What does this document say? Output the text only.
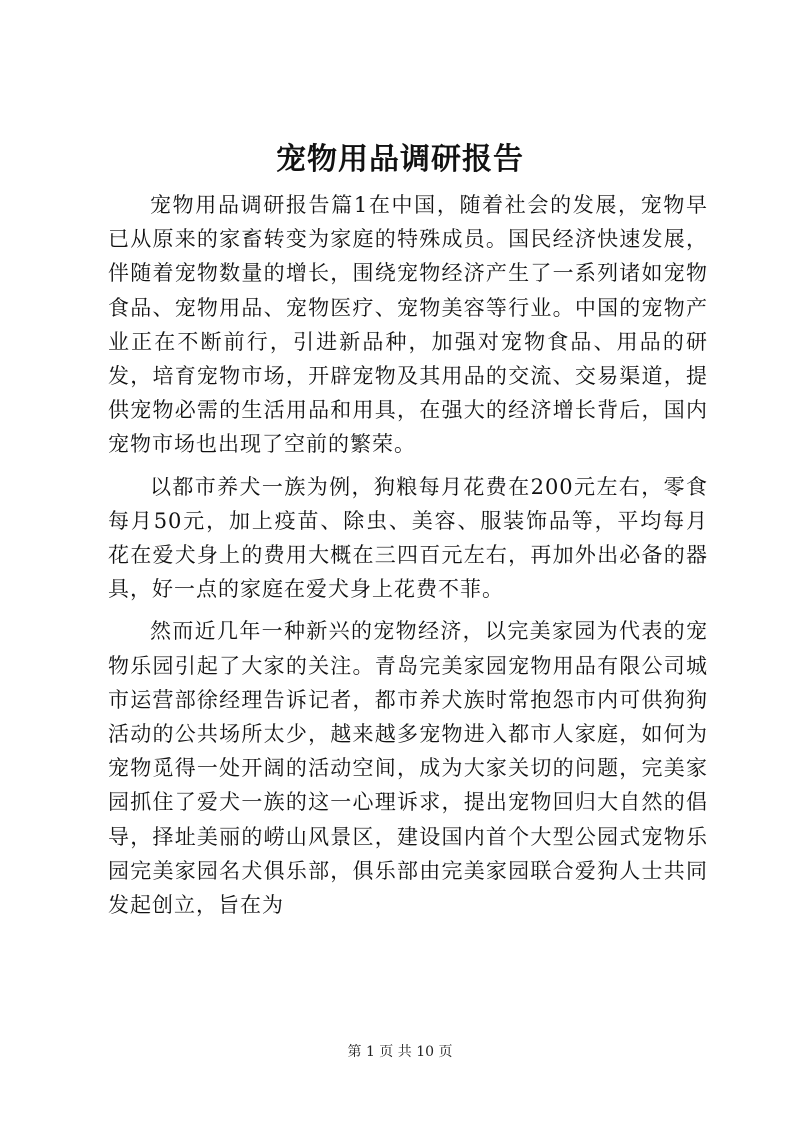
宠物用品调研报告

宠物用品调研报告篇1在中国，随着社会的发展，宠物早已从原来的家畜转变为家庭的特殊成员。国民经济快速发展，伴随着宠物数量的增长，围绕宠物经济产生了一系列诸如宠物食品、宠物用品、宠物医疗、宠物美容等行业。中国的宠物产业正在不断前行，引进新品种，加强对宠物食品、用品的研发，培育宠物市场，开辟宠物及其用品的交流、交易渠道，提供宠物必需的生活用品和用具，在强大的经济增长背后，国内宠物市场也出现了空前的繁荣。

以都市养犬一族为例，狗粮每月花费在200元左右，零食每月50元，加上疫苗、除虫、美容、服装饰品等，平均每月花在爱犬身上的费用大概在三四百元左右，再加外出必备的器具，好一点的家庭在爱犬身上花费不菲。

然而近几年一种新兴的宠物经济，以完美家园为代表的宠物乐园引起了大家的关注。青岛完美家园宠物用品有限公司城市运营部徐经理告诉记者，都市养犬族时常抱怨市内可供狗狗活动的公共场所太少，越来越多宠物进入都市人家庭，如何为宠物觅得一处开阔的活动空间，成为大家关切的问题，完美家园抓住了爱犬一族的这一心理诉求，提出宠物回归大自然的倡导，择址美丽的崂山风景区，建设国内首个大型公园式宠物乐园完美家园名犬俱乐部，俱乐部由完美家园联合爱狗人士共同发起创立，旨在为

第 1 页 共 10 页
